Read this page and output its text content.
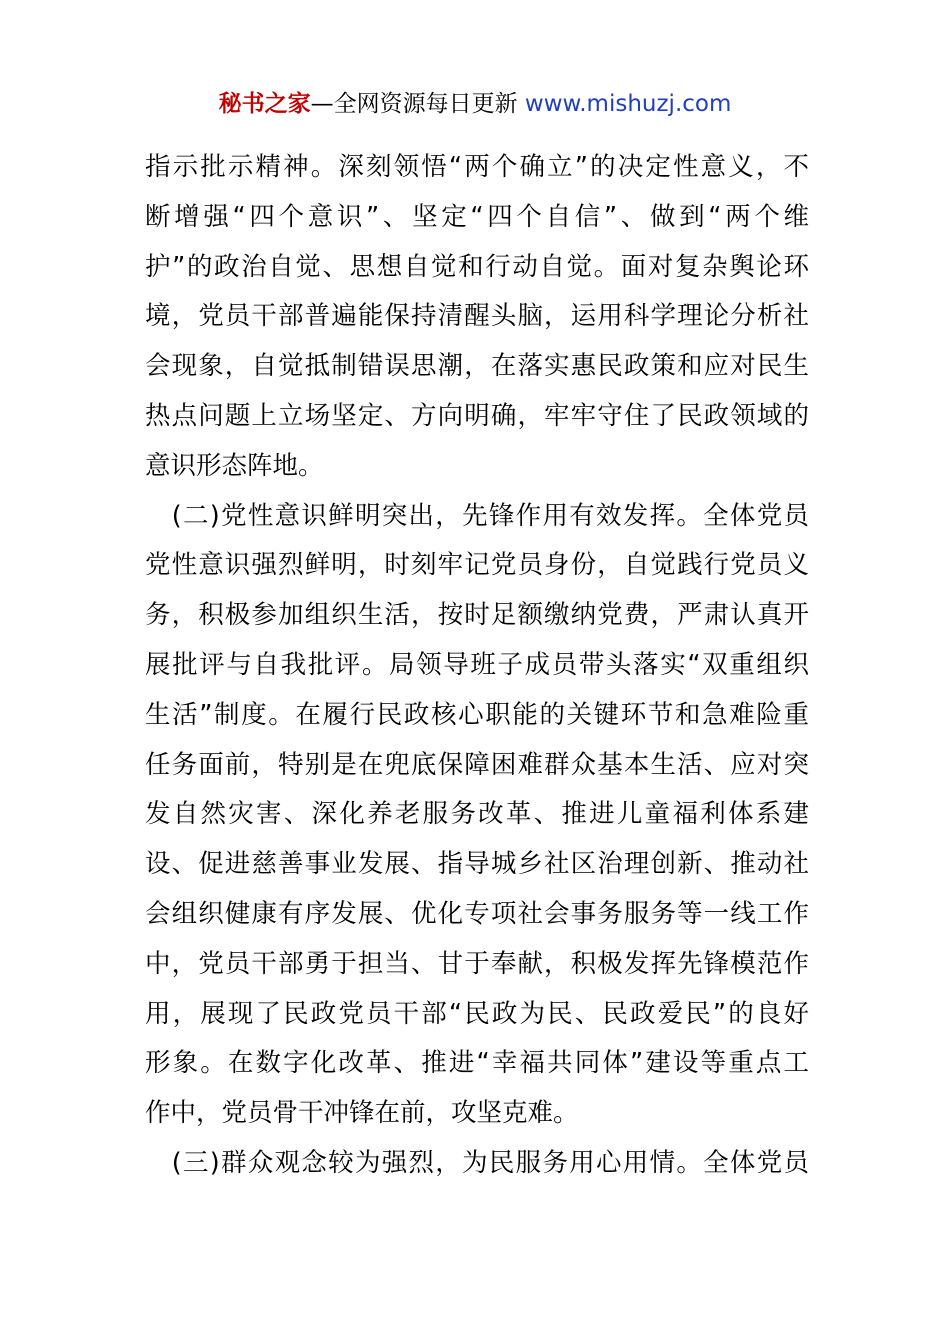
秘书之家—全网资源每日更新 www.mishuzj.com
指示批示精神。深刻领悟“两个确立”的决定性意义，不
断增强“四个意识”、坚定“四个自信”、做到“两个维
护”的政治自觉、思想自觉和行动自觉。面对复杂舆论环
境，党员干部普遍能保持清醒头脑，运用科学理论分析社
会现象，自觉抵制错误思潮，在落实惠民政策和应对民生
热点问题上立场坚定、方向明确，牢牢守住了民政领域的
意识形态阵地。
　(二)党性意识鲜明突出，先锋作用有效发挥。全体党员
党性意识强烈鲜明，时刻牢记党员身份，自觉践行党员义
务，积极参加组织生活，按时足额缴纳党费，严肃认真开
展批评与自我批评。局领导班子成员带头落实“双重组织
生活”制度。在履行民政核心职能的关键环节和急难险重
任务面前，特别是在兜底保障困难群众基本生活、应对突
发自然灾害、深化养老服务改革、推进儿童福利体系建
设、促进慈善事业发展、指导城乡社区治理创新、推动社
会组织健康有序发展、优化专项社会事务服务等一线工作
中，党员干部勇于担当、甘于奉献，积极发挥先锋模范作
用，展现了民政党员干部“民政为民、民政爱民”的良好
形象。在数字化改革、推进“幸福共同体”建设等重点工
作中，党员骨干冲锋在前，攻坚克难。
　(三)群众观念较为强烈，为民服务用心用情。全体党员
